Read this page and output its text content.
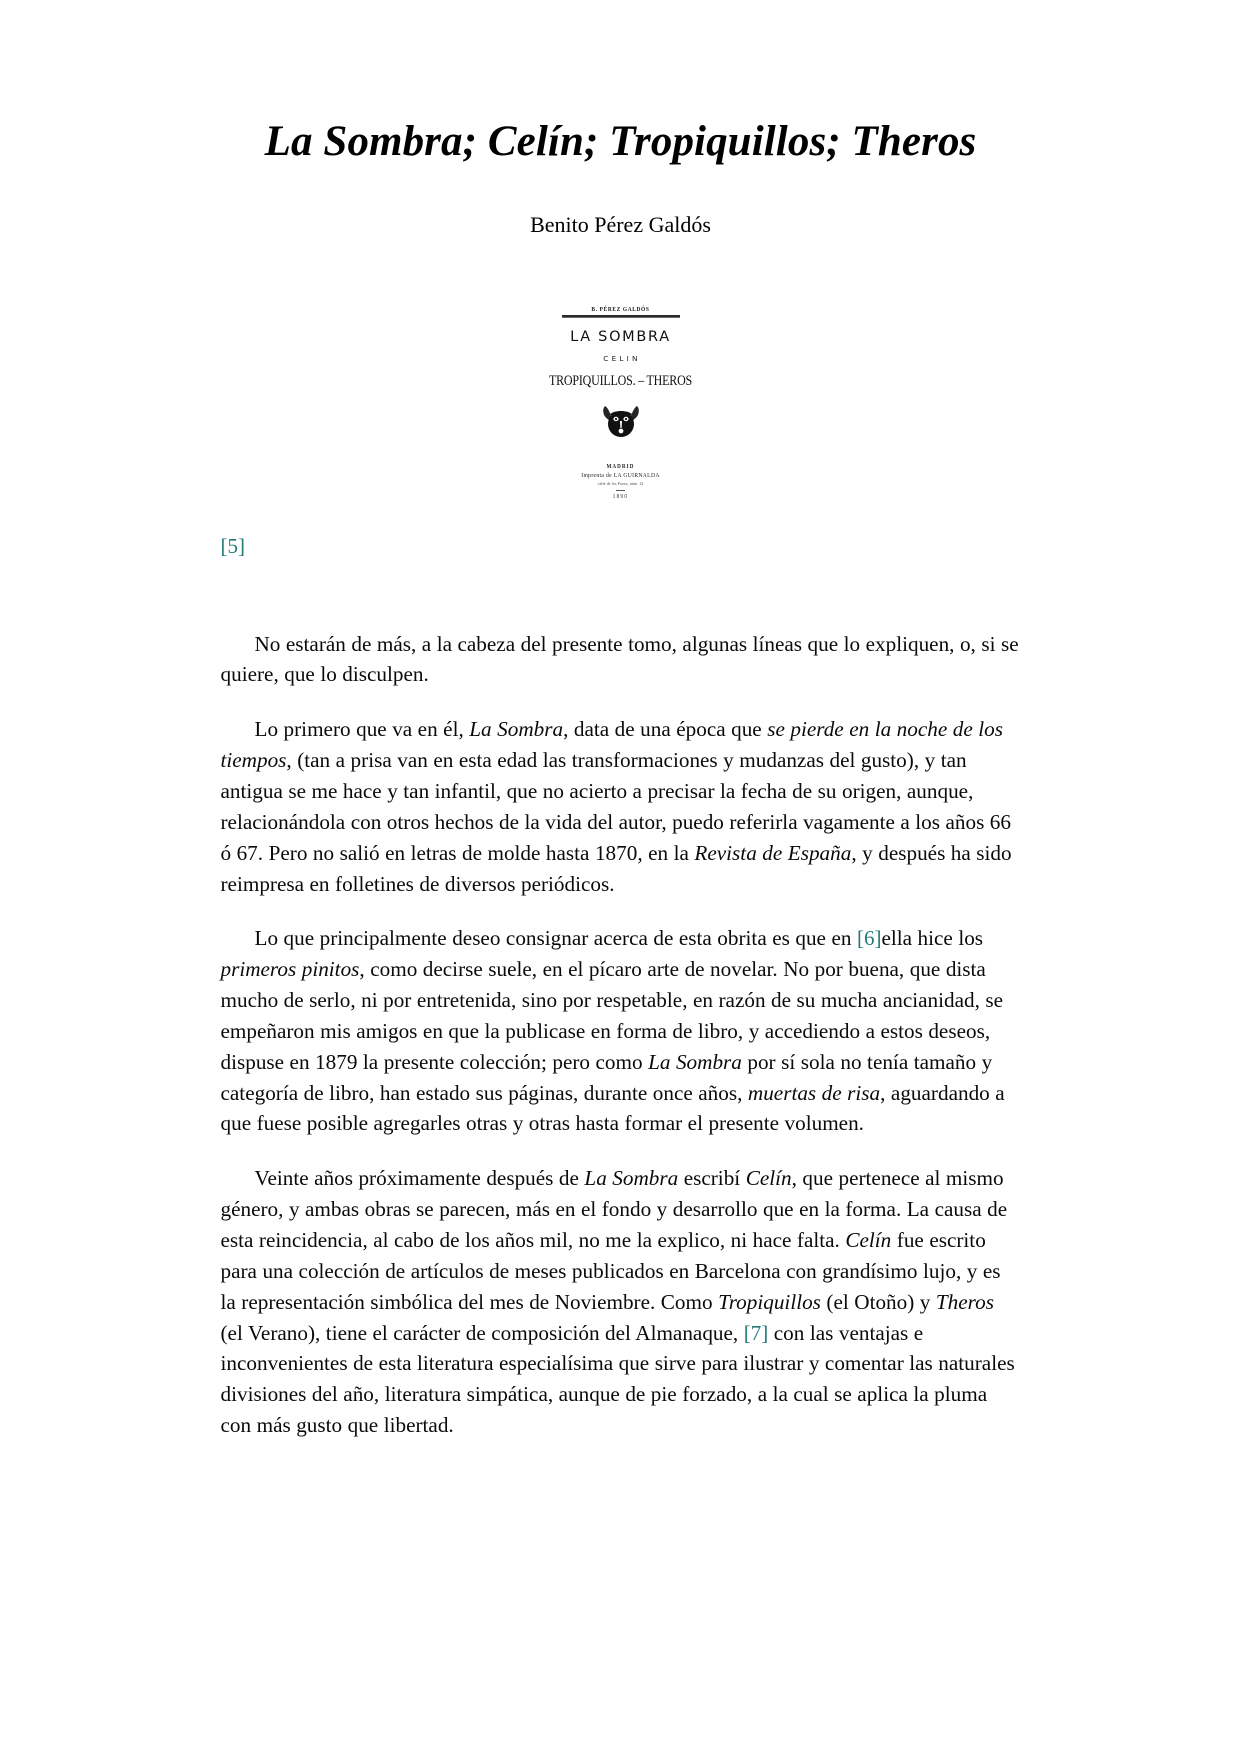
La Sombra; Celín; Tropiquillos; Theros
Benito Pérez Galdós
B. PÉREZ GALDÓS
LA SOMBRA
CELIN
TROPIQUILLOS. – THEROS
MADRID
Imprenta de LA GUIRNALDA
calle de los Pozos, núm. 12
1890
[5]

No estarán de más, a la cabeza del presente tomo, algunas líneas que lo expliquen, o, si se quiere, que lo disculpen.

Lo primero que va en él, La Sombra, data de una época que se pierde en la noche de los tiempos, (tan a prisa van en esta edad las transformaciones y mudanzas del gusto), y tan antigua se me hace y tan infantil, que no acierto a precisar la fecha de su origen, aunque, relacionándola con otros hechos de la vida del autor, puedo referirla vagamente a los años 66 ó 67. Pero no salió en letras de molde hasta 1870, en la Revista de España, y después ha sido reimpresa en folletines de diversos periódicos.

Lo que principalmente deseo consignar acerca de esta obrita es que en [6]ella hice los primeros pinitos, como decirse suele, en el pícaro arte de novelar. No por buena, que dista mucho de serlo, ni por entretenida, sino por respetable, en razón de su mucha ancianidad, se empeñaron mis amigos en que la publicase en forma de libro, y accediendo a estos deseos, dispuse en 1879 la presente colección; pero como La Sombra por sí sola no tenía tamaño y categoría de libro, han estado sus páginas, durante once años, muertas de risa, aguardando a que fuese posible agregarles otras y otras hasta formar el presente volumen.

Veinte años próximamente después de La Sombra escribí Celín, que pertenece al mismo género, y ambas obras se parecen, más en el fondo y desarrollo que en la forma. La causa de esta reincidencia, al cabo de los años mil, no me la explico, ni hace falta. Celín fue escrito para una colección de artículos de meses publicados en Barcelona con grandísimo lujo, y es la representación simbólica del mes de Noviembre. Como Tropiquillos (el Otoño) y Theros (el Verano), tiene el carácter de composición del Almanaque, [7] con las ventajas e inconvenientes de esta literatura especialísima que sirve para ilustrar y comentar las naturales divisiones del año, literatura simpática, aunque de pie forzado, a la cual se aplica la pluma con más gusto que libertad.
